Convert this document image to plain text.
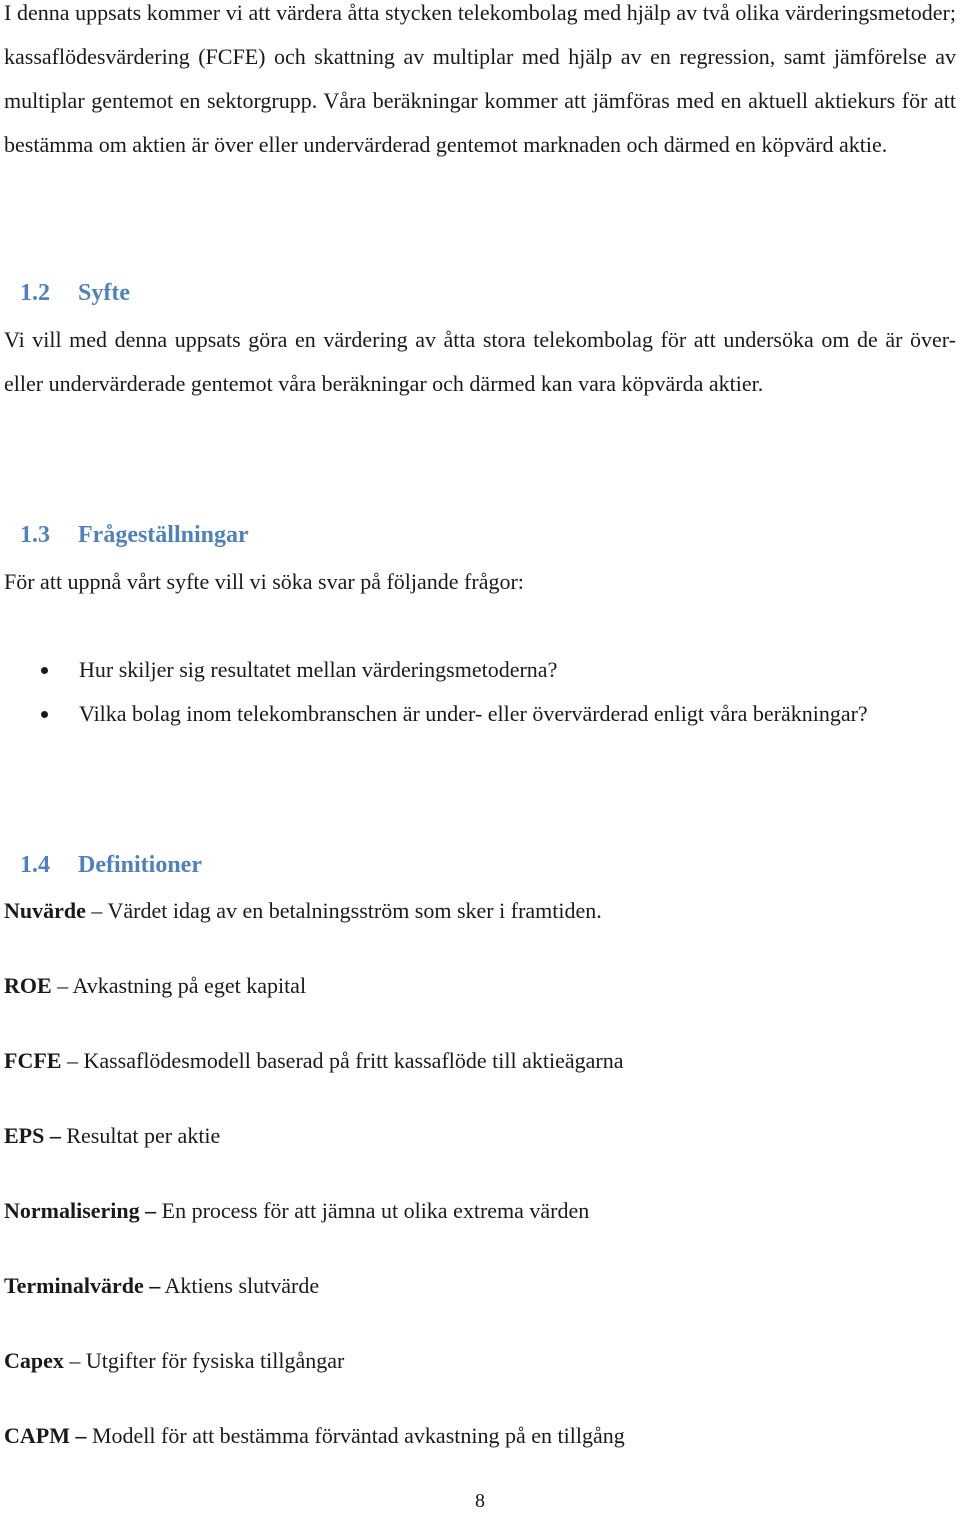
I denna uppsats kommer vi att värdera åtta stycken telekombolag med hjälp av två olika värderingsmetoder; kassaflödesvärdering (FCFE) och skattning av multiplar med hjälp av en regression, samt jämförelse av multiplar gentemot en sektorgrupp. Våra beräkningar kommer att jämföras med en aktuell aktiekurs för att bestämma om aktien är över eller undervärderad gentemot marknaden och därmed en köpvärd aktie.

1.2 Syfte

Vi vill med denna uppsats göra en värdering av åtta stora telekombolag för att undersöka om de är över- eller undervärderade gentemot våra beräkningar och därmed kan vara köpvärda aktier.

1.3 Frågeställningar

För att uppnå vårt syfte vill vi söka svar på följande frågor:

Hur skiljer sig resultatet mellan värderingsmetoderna?
Vilka bolag inom telekombranschen är under- eller övervärderad enligt våra beräkningar?
1.4 Definitioner

Nuvärde – Värdet idag av en betalningsström som sker i framtiden.

ROE – Avkastning på eget kapital

FCFE – Kassaflödesmodell baserad på fritt kassaflöde till aktieägarna

EPS – Resultat per aktie

Normalisering – En process för att jämna ut olika extrema värden

Terminalvärde – Aktiens slutvärde

Capex – Utgifter för fysiska tillgångar

CAPM – Modell för att bestämma förväntad avkastning på en tillgång

8
